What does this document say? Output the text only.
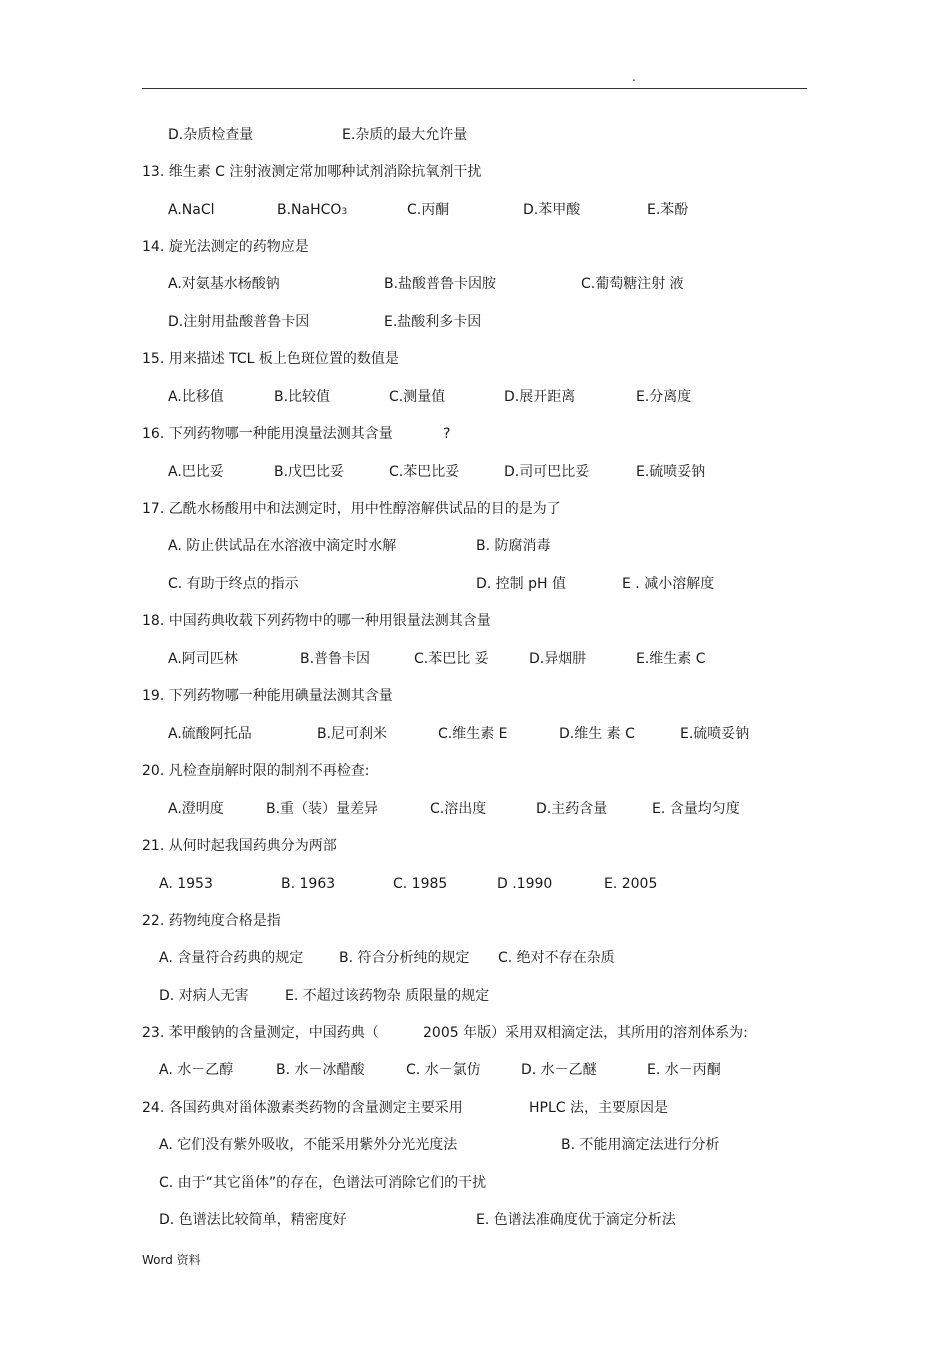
.
D.杂质检查量	E.杂质的最大允许量
13. 维生素 C 注射液测定常加哪种试剂消除抗氧剂干扰
A.NaCl	B.NaHCO3	C.丙酮	D.苯甲酸	E.苯酚
14. 旋光法测定的药物应是
A.对氨基水杨酸钠	B.盐酸普鲁卡因胺	C.葡萄糖注射 液
D.注射用盐酸普鲁卡因	E.盐酸利多卡因
15. 用来描述 TCL 板上色斑位置的数值是
A.比移值	B.比较值	C.测量值	D.展开距离	E.分离度
16. 下列药物哪一种能用溴量法测其含量	?
A.巴比妥	B.戊巴比妥	C.苯巴比妥	D.司可巴比妥	E.硫喷妥钠
17. 乙酰水杨酸用中和法测定时，用中性醇溶解供试品的目的是为了
A. 防止供试品在水溶液中滴定时水解	B. 防腐消毒
C. 有助于终点的指示	D. 控制 pH 值	E . 减小溶解度
18. 中国药典收载下列药物中的哪一种用银量法测其含量
A.阿司匹林	B.普鲁卡因	C.苯巴比 妥	D.异烟肼	E.维生素 C
19. 下列药物哪一种能用碘量法测其含量
A.硫酸阿托品	B.尼可刹米	C.维生素 E	D.维生 素 C	E.硫喷妥钠
20. 凡检查崩解时限的制剂不再检查:
A.澄明度	B.重（装）量差异	C.溶出度	D.主药含量	E. 含量均匀度
21. 从何时起我国药典分为两部
A. 1953	B. 1963	C. 1985	D .1990	E. 2005
22. 药物纯度合格是指
A. 含量符合药典的规定	B. 符合分析纯的规定 C. 绝对不存在杂质
D. 对病人无害	E. 不超过该药物杂 质限量的规定
23. 苯甲酸钠的含量测定，中国药典（	2005 年版）采用双相滴定法，其所用的溶剂体系为:
A. 水－乙醇	B. 水－冰醋酸	C. 水－氯仿	D. 水－乙醚	E. 水－丙酮
24. 各国药典对甾体激素类药物的含量测定主要采用	HPLC 法，主要原因是
A. 它们没有紫外吸收，不能采用紫外分光光度法	B. 不能用滴定法进行分析
C. 由于“其它甾体”的存在，色谱法可消除它们的干扰
D. 色谱法比较简单，精密度好	E. 色谱法准确度优于滴定分析法
Word 资料
